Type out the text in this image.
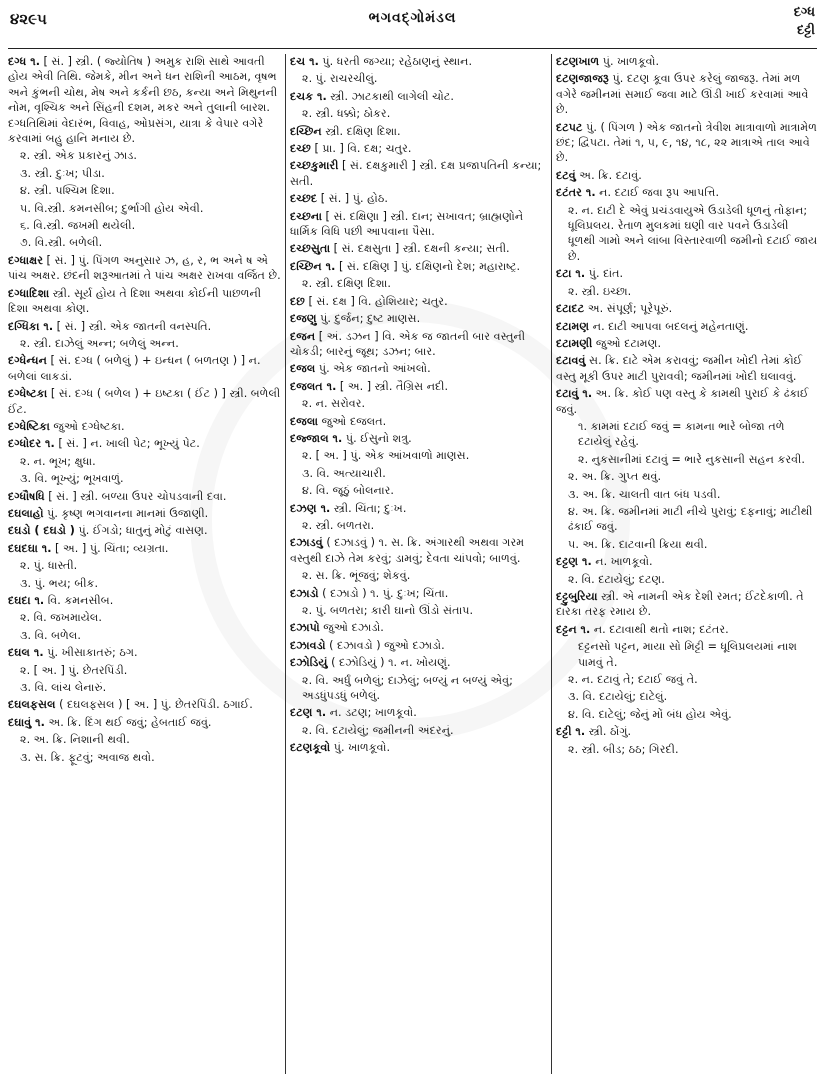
૪૨૯૫	ભગવદ્ગોમંડલ	દગ્ધ
દટ્ટી
દગ્ધ ૧. [ સં. ] સ્ત્રી. ( જ્યોતિષ ) અમુક રાશિ સાથે આવતી હોય એવી તિથિ. જેમકે, મીન અને ધન રાશિની આઠમ, વૃષભ અને કુંભની ચોથ, મેષ અને કર્કની છઠ, કન્યા અને મિથુનની નોમ, વૃશ્ચિક અને સિંહની દશમ, મકર અને તુલાની બારશ. દગ્ધતિથિમાં વેદારંભ, વિવાહ, ઓપ્રસંગ, યાત્રા કે વેપાર વગેરે કરવામાં બહુ હાનિ મનાય છે.
૨. સ્ત્રી. એક પ્રકારનું ઝાડ.
૩. સ્ત્રી. દુઃખ; પીડા.
૪. સ્ત્રી. પશ્ચિમ દિશા.
૫. વિ.સ્ત્રી. કમનસીબ; દુર્ભાગી હોય એવી.
૬. વિ.સ્ત્રી. જખમી થયેલી.
૭. વિ.સ્ત્રી. બળેલી.
દગ્ધાક્ષર [ સં. ] પું. પિંગળ અનુસાર ઝ, હ, ર, ભ અને ષ એ પાંચ અક્ષર. છંદની શરૂઆતમાં તે પાંચ અક્ષર રાખવા વર્જિત છે.
દગ્ધાદિશા સ્ત્રી. સૂર્ય હોય તે દિશા અથવા કોઈની પાછળની દિશા અથવા કોણ.
દગ્ધિકા ૧. [ સં. ] સ્ત્રી. એક જાતની વનસ્પતિ.
૨. સ્ત્રી. દાઝેલું અન્ન; બળેલું અન્ન.
દગ્ધેન્ધન [ સં. દગ્ધ ( બળેલું ) + ઇન્ધન ( બળતણ ) ] ન. બળેલાં લાકડાં.
દગ્ધેષ્ટકા [ સં. દગ્ધ ( બળેલ ) + ઇષ્ટકા ( ઈંટ ) ] સ્ત્રી. બળેલી ઈંટ.
દગ્ધેષ્ટિકા જુઓ દગ્ધેષ્ટકા.
દગ્ધોદર ૧. [ સં. ] ન. ખાલી પેટ; ભૂખ્યું પેટ.
૨. ન. ભૂખ; ક્ષુધા.
૩. વિ. ભૂખ્યું; ભૂખવાળું.
દગ્ધૌષધિ [ સં. ] સ્ત્રી. બળ્યા ઉપર ચોપડવાની દવા.
દઘલાહો પું. કૃષ્ણ ભગવાનના માનમાં ઉજાણી.
દઘડો ( દઘડો ) પું. ઈંગડો; ધાતુનું મોટું વાસણ.
દઘદઘા ૧. [ અ. ] પું. ચિંતા; વ્યગ્રતા.
૨. પું. ધાસ્તી.
૩. પું. ભય; બીક.
દઘદા ૧. વિ. કમનસીબ.
૨. વિ. જખમાયેલ.
૩. વિ. બળેલ.
દઘલ ૧. પું. ખીસાકાતરું; ઠગ.
૨. [ અ. ] પું. છેતરપિંડી.
૩. વિ. લાંચ લેનારું.
દઘલફસલ ( દઘલફસલ ) [ અ. ] પું. છેતરપિંડી. ઠગાઈ.
દઘાવું ૧. અ. ક્રિ. દિંગ થઈ જવું; હેબતાઈ જવું.
૨. અ. ક્રિ. નિશાની થવી.
૩. સ. ક્રિ. ફૂટવું; અવાજ થવો.
દચ ૧. પું. ધરતી જગ્યા; રહેઠાણનું સ્થાન.
૨. પું. રાચરચીલું.
દચક ૧. સ્ત્રી. ઝાટકાથી લાગેલી ચોટ.
૨. સ્ત્રી. ધક્કો; ઠોકર.
દચ્છિન સ્ત્રી. દક્ષિણ દિશા.
દચ્છ [ પ્રા. ] વિ. દક્ષ; ચતુર.
દચ્છકુમારી [ સં. દક્ષકુમારી ] સ્ત્રી. દક્ષ પ્રજાપતિની કન્યા; સતી.
દચ્છદ [ સં. ] પું. હોઠ.
દચ્છના [ સં. દક્ષિણા ] સ્ત્રી. દાન; સખાવત; બ્રાહ્મણોને ધાર્મિક વિધિ પછી આપવાના પૈસા.
દચ્છસુતા [ સં. દક્ષસુતા ] સ્ત્રી. દક્ષની કન્યા; સતી.
દચ્છિન ૧. [ સં. દક્ષિણ ] પું. દક્ષિણનો દેશ; મહારાષ્ટ્ર.
૨. સ્ત્રી. દક્ષિણ દિશા.
દછ [ સં. દક્ષ ] વિ. હોશિયાર; ચતુર.
દજણુ પું. દુર્જન; દુષ્ટ માણસ.
દજન [ અં. ડઝન ] વિ. એક જ જાતની બાર વસ્તુની ચોકડી; બારનું જૂથ; ડઝન; બાર.
દજલ પું. એક જાતનો આંખલો.
દજલત ૧. [ અ. ] સ્ત્રી. તૈગ્રિસ નદી.
૨. ન. સરોવર.
દજલા જુઓ દજલત.
દજ્જાલ ૧. પું. ઈસુનો શત્રુ.
૨. [ અ. ] પું. એક આંખવાળો માણસ.
૩. વિ. અત્યાચારી.
૪. વિ. જૂઠું બોલનાર.
દઝણ ૧. સ્ત્રી. ચિંતા; દુઃખ.
૨. સ્ત્રી. બળતરા.
દઝાડવું ( દઝાડવું ) ૧. સ. ક્રિ. અંગારથી અથવા ગરમ વસ્તુથી દાઝે તેમ કરવું; ડામવું; દેવતા ચાંપવો; બાળવું.
૨. સ. ક્રિ. ભૂંજવું; શેકવું.
દઝાડો ( દઝાડો ) ૧. પું. દુઃખ; ચિંતા.
૨. પું. બળતરા; કારી ઘાનો ઊંડો સંતાપ.
દઝાપો જુઓ દઝાડો.
દઝાવડો ( દઝાવડો ) જુઓ દઝાડો.
દઝોડિયું ( દઝોડિયું ) ૧. ન. ખોયણું.
૨. વિ. અર્ધું બળેલું; દાઝેલું; બળ્યું ન બળ્યું એવું; અડધુંપડધું બળેલું.
દટણ ૧. ન. ડટણ; ખાળકૂવો.
૨. વિ. દટાયેલું; જમીનની અંદરનું.
દટણકૂવો પું. ખાળકૂવો.
દટણખાળ પું. ખાળકૂવો.
દટણજાજરૂ પું. દટણ કૂવા ઉપર કરેલું જાજરૂ. તેમાં મળ વગેરે જમીનમાં સમાઈ જવા માટે ઊંડી ખાઈ કરવામાં આવે છે.
દટપટ પું. ( પિંગળ ) એક જાતનો ત્રેવીશ માત્રાવાળો માત્રામેળ છંદ; દ્વિપટા. તેમાં ૧, ૫, ૯, ૧૪, ૧૮, ૨૨ માત્રાએ તાલ આવે છે.
દટવું અ. ક્રિ. દટાવું.
દટંતર ૧. ન. દટાઈ જવા રૂપ આપત્તિ.
૨. ન. દાટી દે એવું પ્રચંડવાયુએ ઉડાડેલી ધૂળનું તોફાન; ધૂલિપ્રલય. રેતાળ મુલકમાં ઘણી વાર પવને ઉડાડેલી ધૂળથી ગામો અને લાંબા વિસ્તારવાળી જમીનો દટાઈ જાય છે.
દટા ૧. પું. દાંત.
૨. સ્ત્રી. ઇચ્છા.
દટાદટ અ. સંપૂર્ણ; પૂરેપૂરું.
દટામણ ન. દાટી આપવા બદલનું મહેનતાણું.
દટામણી જુઓ દટામણ.
દટાવવું સ. ક્રિ. દાટે એમ કરાવવું; જમીન ખોદી તેમાં કોઈ વસ્તુ મૂકી ઉપર માટી પુરાવવી; જમીનમાં ખોદી ઘલાવવું.
દટાવું ૧. અ. ક્રિ. કોઈ પણ વસ્તુ કે કામથી પુરાઈ કે ઢંકાઈ જવું.
૧. કામમાં દટાઈ જવું = કામના ભારે બોજા તળે દટાયેલું રહેવું.
૨. નુકસાનીમાં દટાવું = ભારે નુકસાની સહન કરવી.
૨. અ. ક્રિ. ગુપ્ત થવું.
૩. અ. ક્રિ. ચાલતી વાત બંધ પડવી.
૪. અ. ક્રિ. જમીનમાં માટી નીચે પુરાવું; દફનાવું; માટીથી ઢંકાઈ જવું.
૫. અ. ક્રિ. દાટવાની ક્રિયા થવી.
દટ્ટણ ૧. ન. ખાળકૂવો.
૨. વિ. દટાયેલું; દટણ.
દટ્ટુબુરિયા સ્ત્રી. એ નામની એક દેશી રમત; ઈંટદેકાળી. તે દારકા તરફ રમાય છે.
દટ્ટન ૧. ન. દટાવાથી થતો નાશ; દટંતર.
દટ્ટનસો પટ્ટન, માયા સો મિટ્ટી = ધૂલિપ્રલયમાં નાશ પામવું તે.
૨. ન. દટાવું તે; દટાઈ જવું તે.
૩. વિ. દટાયેલું; દાટેલું.
૪. વિ. દાટેલું; જેનું મોં બંધ હોય એવું.
દટ્ટી ૧. સ્ત્રી. ઠોંગું.
૨. સ્ત્રી. બીડ; ઠઠ; ગિરદી.
